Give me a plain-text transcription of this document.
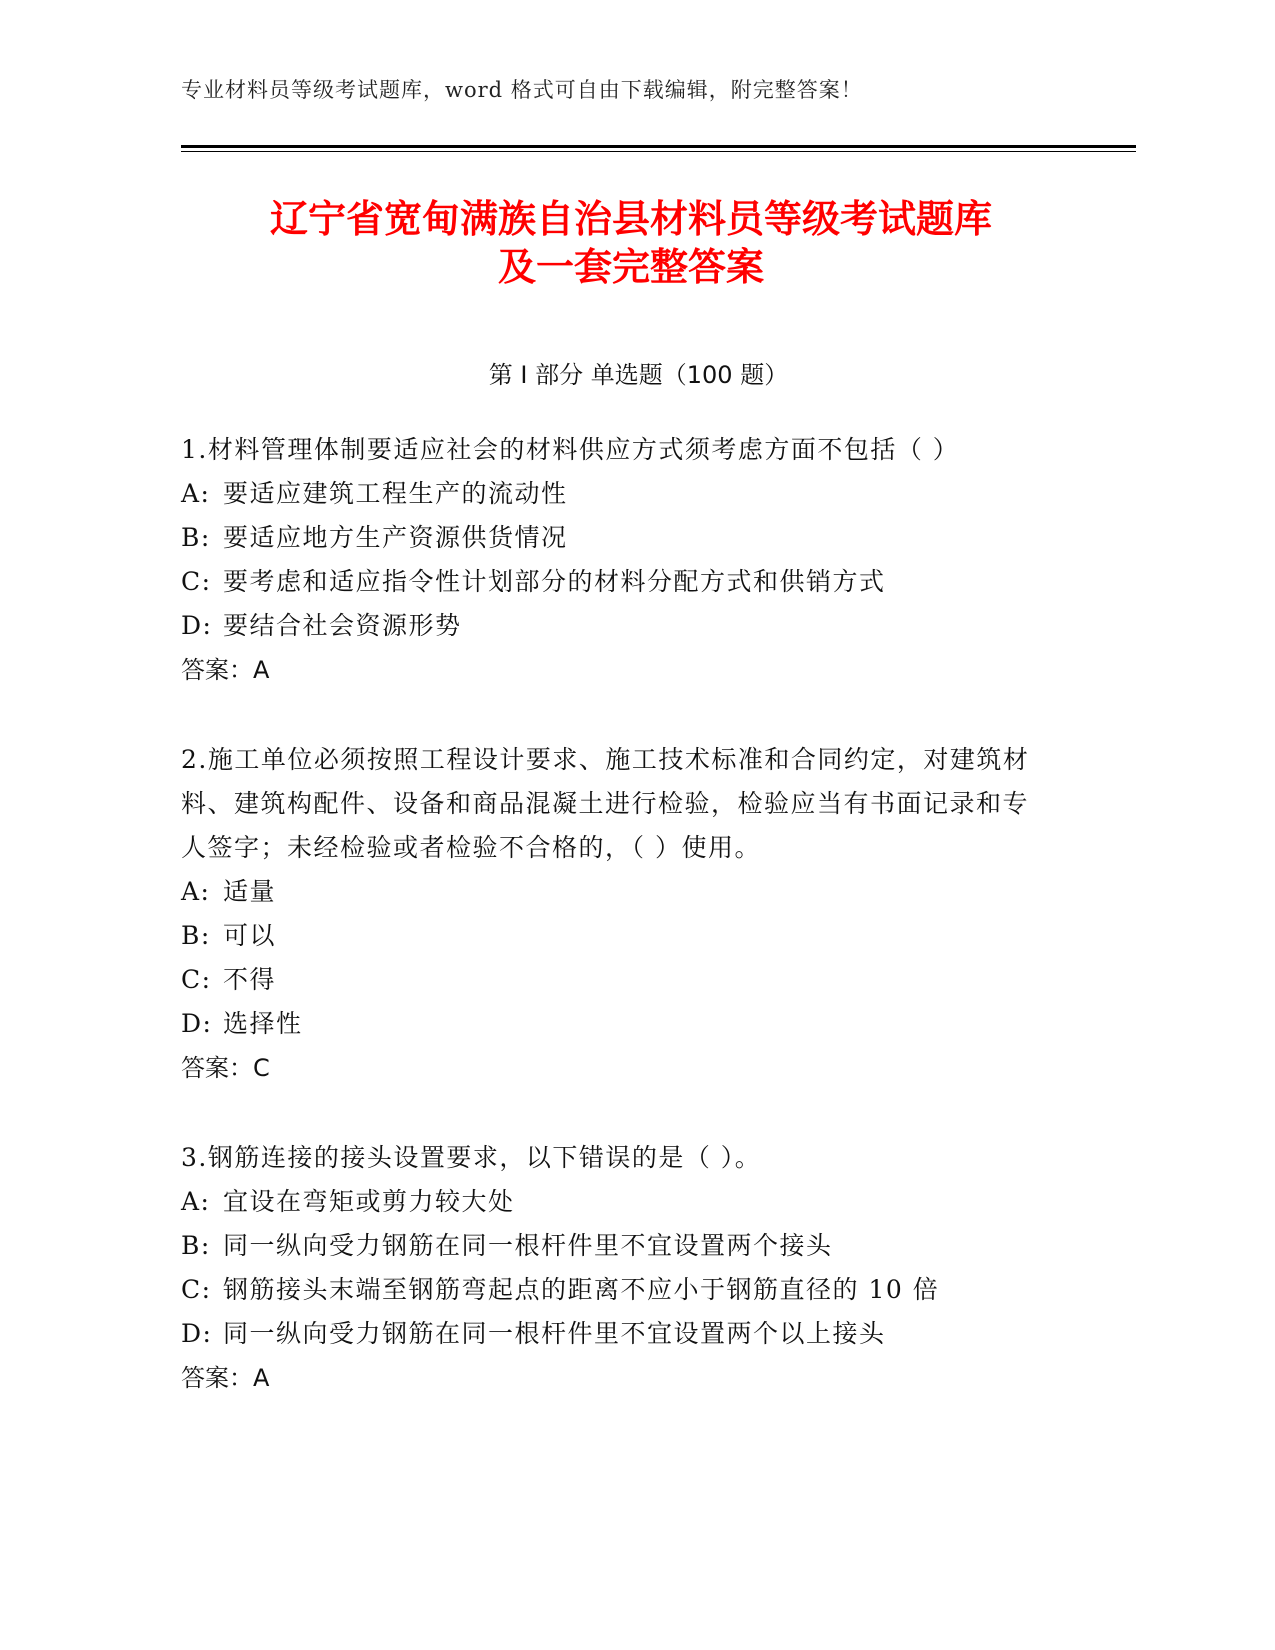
专业材料员等级考试题库，word 格式可自由下载编辑，附完整答案！
辽宁省宽甸满族自治县材料员等级考试题库
及一套完整答案
第 I 部分 单选题（100 题）

1.材料管理体制要适应社会的材料供应方式须考虑方面不包括（ ）

A: 要适应建筑工程生产的流动性

B: 要适应地方生产资源供货情况

C: 要考虑和适应指令性计划部分的材料分配方式和供销方式

D: 要结合社会资源形势

答案：A

2.施工单位必须按照工程设计要求、施工技术标准和合同约定，对建筑材料、建筑构配件、设备和商品混凝土进行检验，检验应当有书面记录和专人签字；未经检验或者检验不合格的，（ ）使用。

A: 适量

B: 可以

C: 不得

D: 选择性

答案：C

3.钢筋连接的接头设置要求，以下错误的是（ ）。

A: 宜设在弯矩或剪力较大处

B: 同一纵向受力钢筋在同一根杆件里不宜设置两个接头

C: 钢筋接头末端至钢筋弯起点的距离不应小于钢筋直径的 10 倍

D: 同一纵向受力钢筋在同一根杆件里不宜设置两个以上接头

答案：A
